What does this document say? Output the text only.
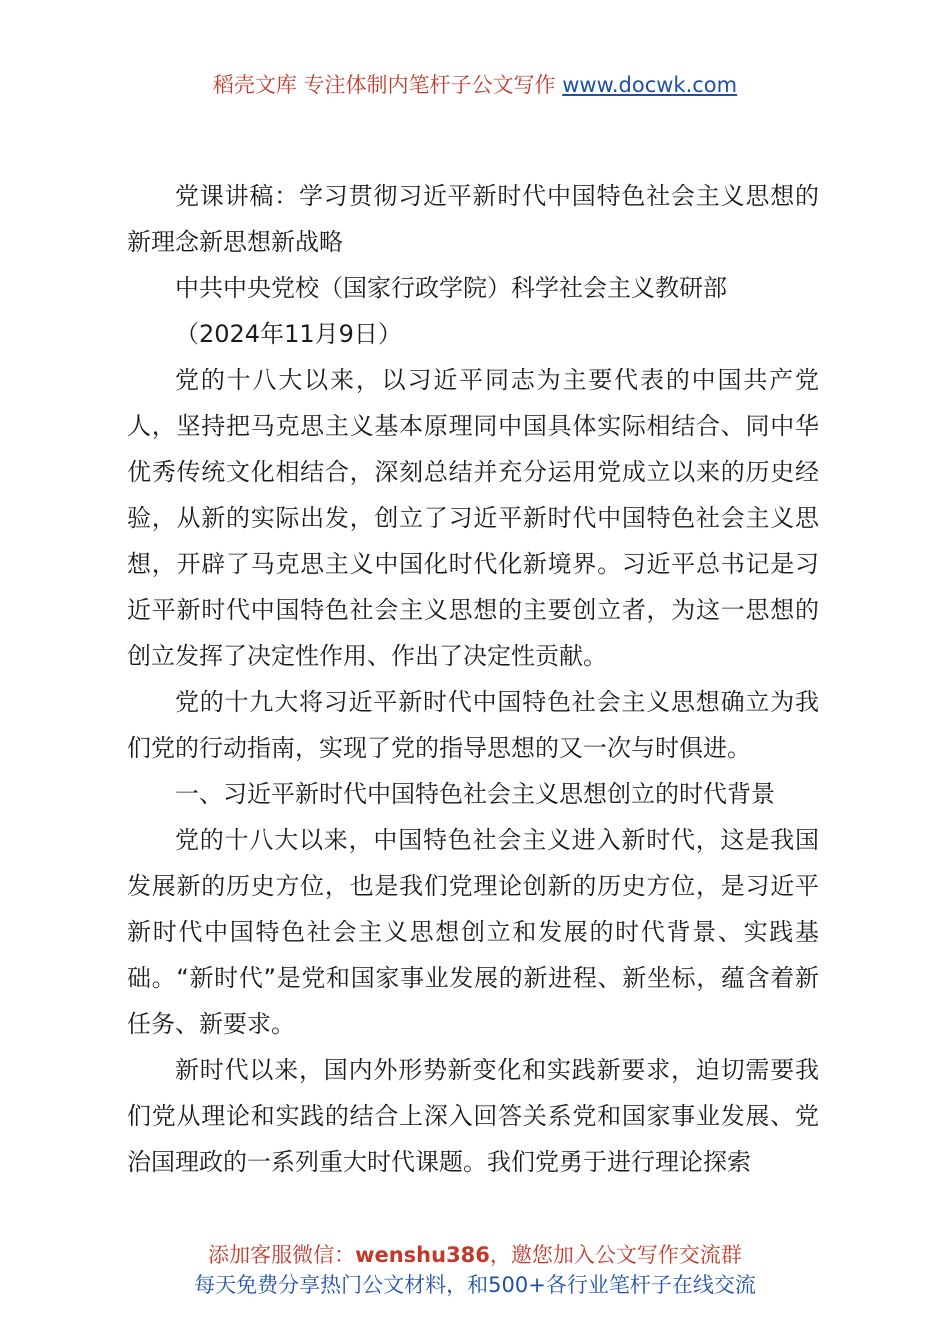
稻壳文库 专注体制内笔杆子公文写作 www.docwk.com

党课讲稿：学习贯彻习近平新时代中国特色社会主义思想的新理念新思想新战略

中共中央党校（国家行政学院）科学社会主义教研部

（2024年11月9日）

党的十八大以来，以习近平同志为主要代表的中国共产党人，坚持把马克思主义基本原理同中国具体实际相结合、同中华优秀传统文化相结合，深刻总结并充分运用党成立以来的历史经验，从新的实际出发，创立了习近平新时代中国特色社会主义思想，开辟了马克思主义中国化时代化新境界。习近平总书记是习近平新时代中国特色社会主义思想的主要创立者，为这一思想的创立发挥了决定性作用、作出了决定性贡献。

党的十九大将习近平新时代中国特色社会主义思想确立为我们党的行动指南，实现了党的指导思想的又一次与时俱进。

一、习近平新时代中国特色社会主义思想创立的时代背景

党的十八大以来，中国特色社会主义进入新时代，这是我国发展新的历史方位，也是我们党理论创新的历史方位，是习近平新时代中国特色社会主义思想创立和发展的时代背景、实践基础。“新时代”是党和国家事业发展的新进程、新坐标，蕴含着新任务、新要求。

新时代以来，国内外形势新变化和实践新要求，迫切需要我们党从理论和实践的结合上深入回答关系党和国家事业发展、党治国理政的一系列重大时代课题。我们党勇于进行理论探索

添加客服微信：wenshu386，邀您加入公文写作交流群
每天免费分享热门公文材料，和500+各行业笔杆子在线交流
